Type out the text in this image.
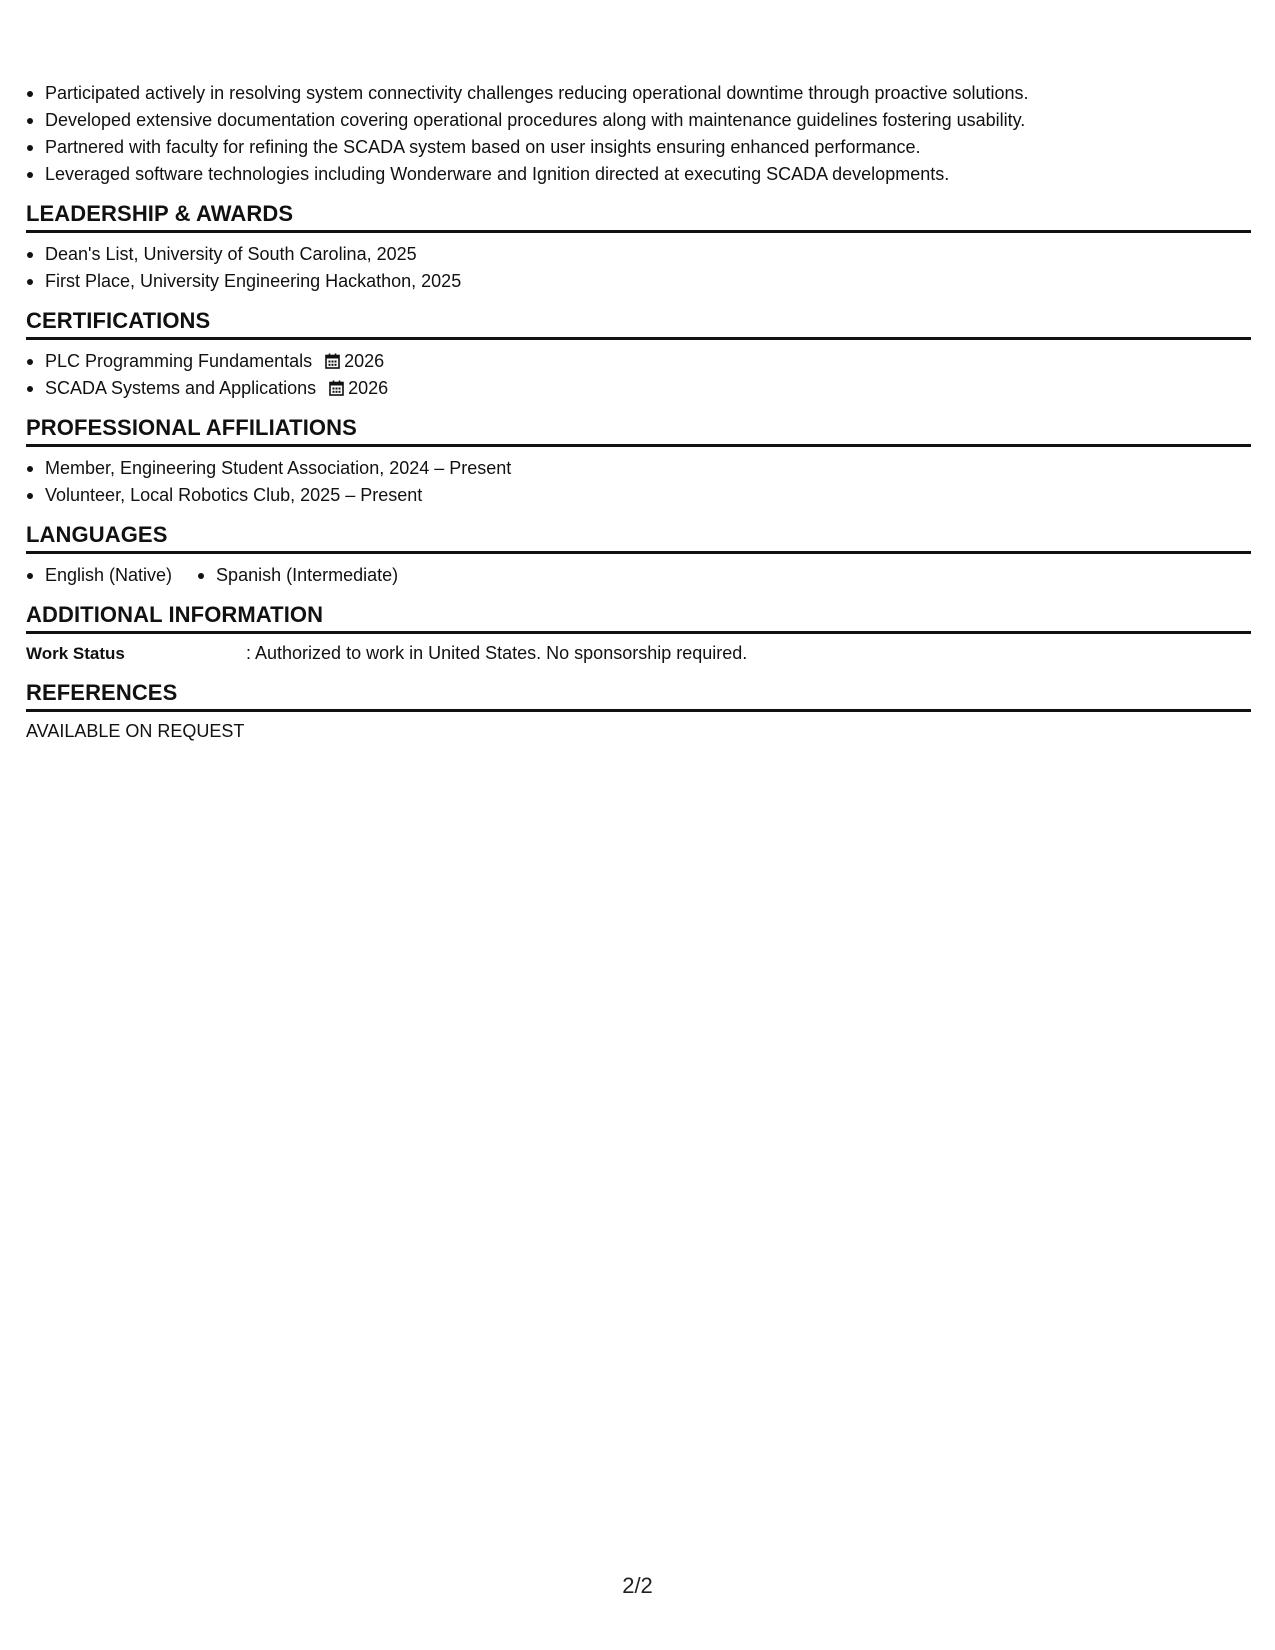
Participated actively in resolving system connectivity challenges reducing operational downtime through proactive solutions.
Developed extensive documentation covering operational procedures along with maintenance guidelines fostering usability.
Partnered with faculty for refining the SCADA system based on user insights ensuring enhanced performance.
Leveraged software technologies including Wonderware and Ignition directed at executing SCADA developments.
LEADERSHIP & AWARDS
Dean's List, University of South Carolina, 2025
First Place, University Engineering Hackathon, 2025
CERTIFICATIONS
PLC Programming Fundamentals 2026
SCADA Systems and Applications 2026
PROFESSIONAL AFFILIATIONS
Member, Engineering Student Association, 2024 – Present
Volunteer, Local Robotics Club, 2025 – Present
LANGUAGES
English (Native)	Spanish (Intermediate)
ADDITIONAL INFORMATION
Work Status	: Authorized to work in United States. No sponsorship required.
REFERENCES
AVAILABLE ON REQUEST
2/2
